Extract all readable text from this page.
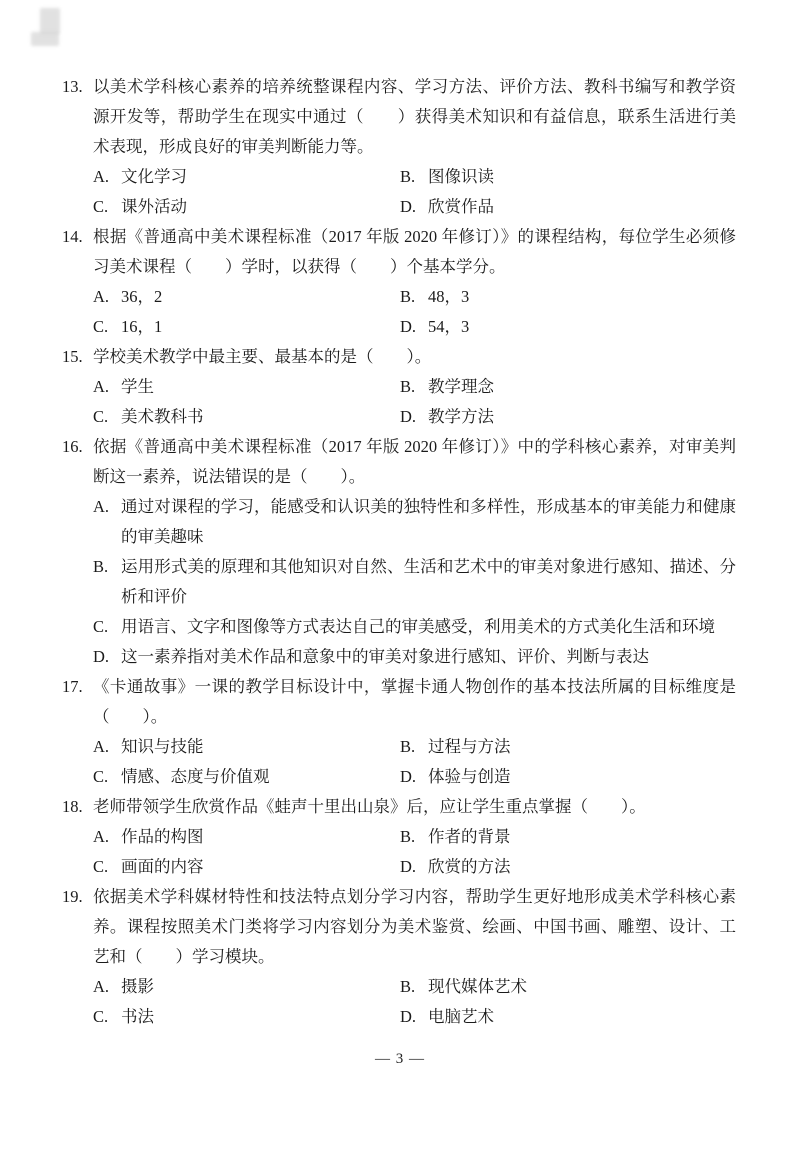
13. 以美术学科核心素养的培养统整课程内容、学习方法、评价方法、教科书编写和教学资源开发等，帮助学生在现实中通过（　　）获得美术知识和有益信息，联系生活进行美术表现，形成良好的审美判断能力等。
A. 文化学习	B. 图像识读
C. 课外活动	D. 欣赏作品
14. 根据《普通高中美术课程标准（2017 年版 2020 年修订）》的课程结构，每位学生必须修习美术课程（　　）学时，以获得（　　）个基本学分。
A. 36，2	B. 48，3
C. 16，1	D. 54，3
15. 学校美术教学中最主要、最基本的是（　　）。
A. 学生	B. 教学理念
C. 美术教科书	D. 教学方法
16. 依据《普通高中美术课程标准（2017 年版 2020 年修订）》中的学科核心素养，对审美判断这一素养，说法错误的是（　　）。
A. 通过对课程的学习，能感受和认识美的独特性和多样性，形成基本的审美能力和健康的审美趣味
B. 运用形式美的原理和其他知识对自然、生活和艺术中的审美对象进行感知、描述、分析和评价
C. 用语言、文字和图像等方式表达自己的审美感受，利用美术的方式美化生活和环境
D. 这一素养指对美术作品和意象中的审美对象进行感知、评价、判断与表达
17. 《卡通故事》一课的教学目标设计中，掌握卡通人物创作的基本技法所属的目标维度是（　　）。
A. 知识与技能	B. 过程与方法
C. 情感、态度与价值观	D. 体验与创造
18. 老师带领学生欣赏作品《蛙声十里出山泉》后，应让学生重点掌握（　　）。
A. 作品的构图	B. 作者的背景
C. 画面的内容	D. 欣赏的方法
19. 依据美术学科媒材特性和技法特点划分学习内容，帮助学生更好地形成美术学科核心素养。课程按照美术门类将学习内容划分为美术鉴赏、绘画、中国书画、雕塑、设计、工艺和（　　）学习模块。
A. 摄影	B. 现代媒体艺术
C. 书法	D. 电脑艺术
— 3 —
